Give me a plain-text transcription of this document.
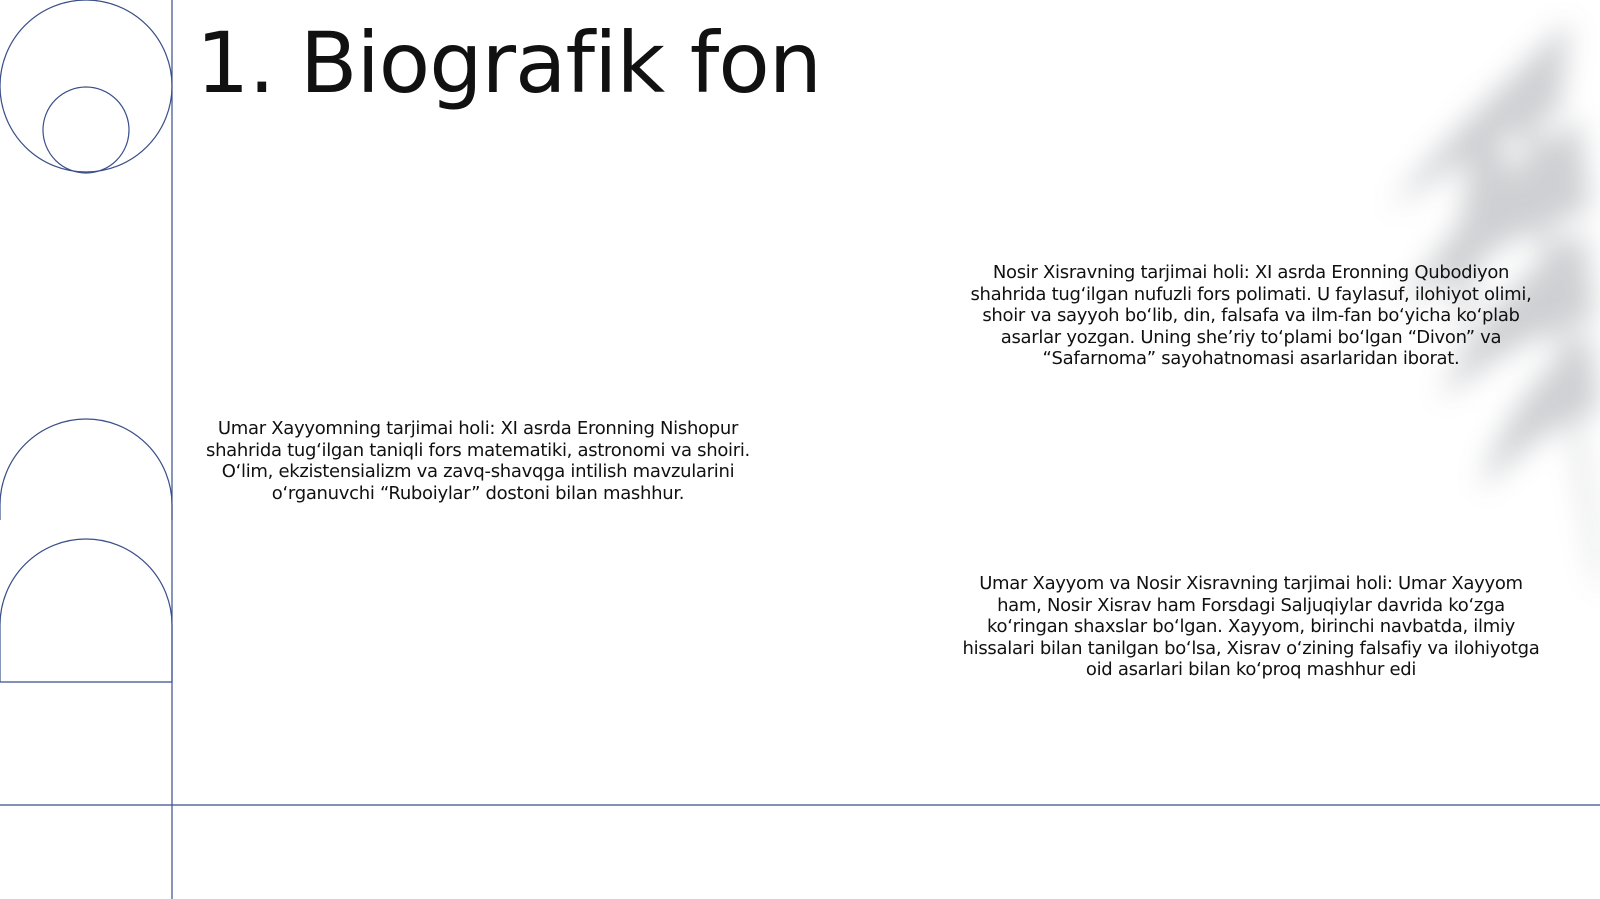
1. Biografik fon

Umar Xayyomning tarjimai holi: XI asrda Eronning Nishopur shahrida tug‘ilgan taniqli fors matematiki, astronomi va shoiri. O‘lim, ekzistensializm va zavq-shavqga intilish mavzularini o‘rganuvchi “Ruboiylar” dostoni bilan mashhur.

Nosir Xisravning tarjimai holi: XI asrda Eronning Qubodiyon shahrida tug‘ilgan nufuzli fors polimati. U faylasuf, ilohiyot olimi, shoir va sayyoh bo‘lib, din, falsafa va ilm-fan bo‘yicha ko‘plab asarlar yozgan. Uning she’riy to‘plami bo‘lgan “Divon” va “Safarnoma” sayohatnomasi asarlaridan iborat.

Umar Xayyom va Nosir Xisravning tarjimai holi: Umar Xayyom ham, Nosir Xisrav ham Forsdagi Saljuqiylar davrida ko‘zga ko‘ringan shaxslar bo‘lgan. Xayyom, birinchi navbatda, ilmiy hissalari bilan tanilgan bo‘lsa, Xisrav o‘zining falsafiy va ilohiyotga oid asarlari bilan ko‘proq mashhur edi
